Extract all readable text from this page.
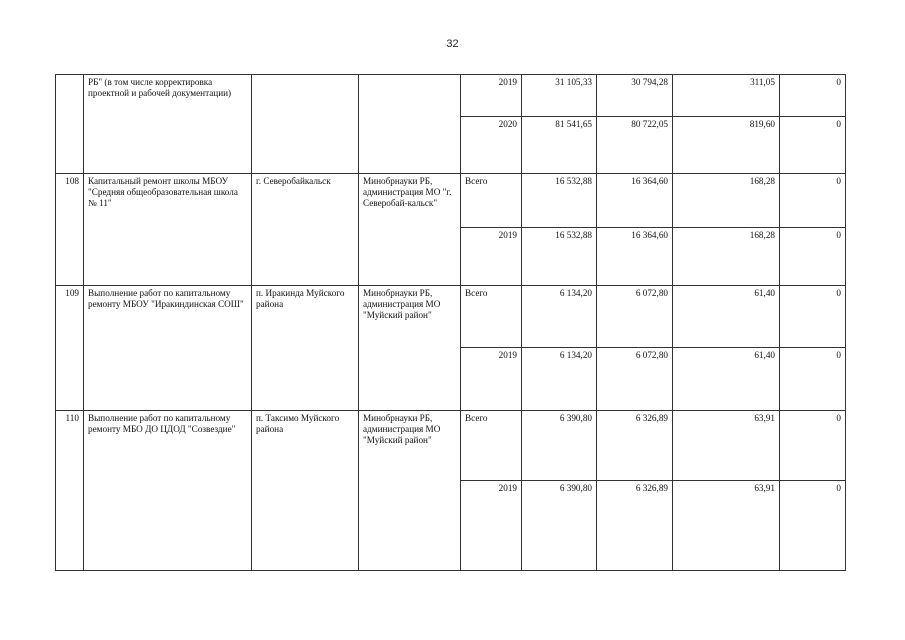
32
	РБ" (в том числе корректировка проектной и рабочей документации)			2019	31 105,33	30 794,28	311,05	0
				2020	81 541,65	80 722,05	819,60	0
108	Капитальный ремонт школы МБОУ "Средняя общеобразовательная школа № 11"	г. Северобайкальск	Минобрнауки РБ, администрация МО "г. Северобай-кальск"	Всего	16 532,88	16 364,60	168,28	0
				2019	16 532,88	16 364,60	168,28	0
109	Выполнение работ по капитальному ремонту МБОУ "Иракиндинская СОШ"	п. Иракинда Муйского района	Минобрнауки РБ, администрация МО "Муйский район"	Всего	6 134,20	6 072,80	61,40	0
				2019	6 134,20	6 072,80	61,40	0
110	Выполнение работ по капитальному ремонту МБО ДО ЦДОД "Созвездие"	п. Таксимо Муйского района	Минобрнауки РБ, администрация МО "Муйский район"	Всего	6 390,80	6 326,89	63,91	0
				2019	6 390,80	6 326,89	63,91	0
